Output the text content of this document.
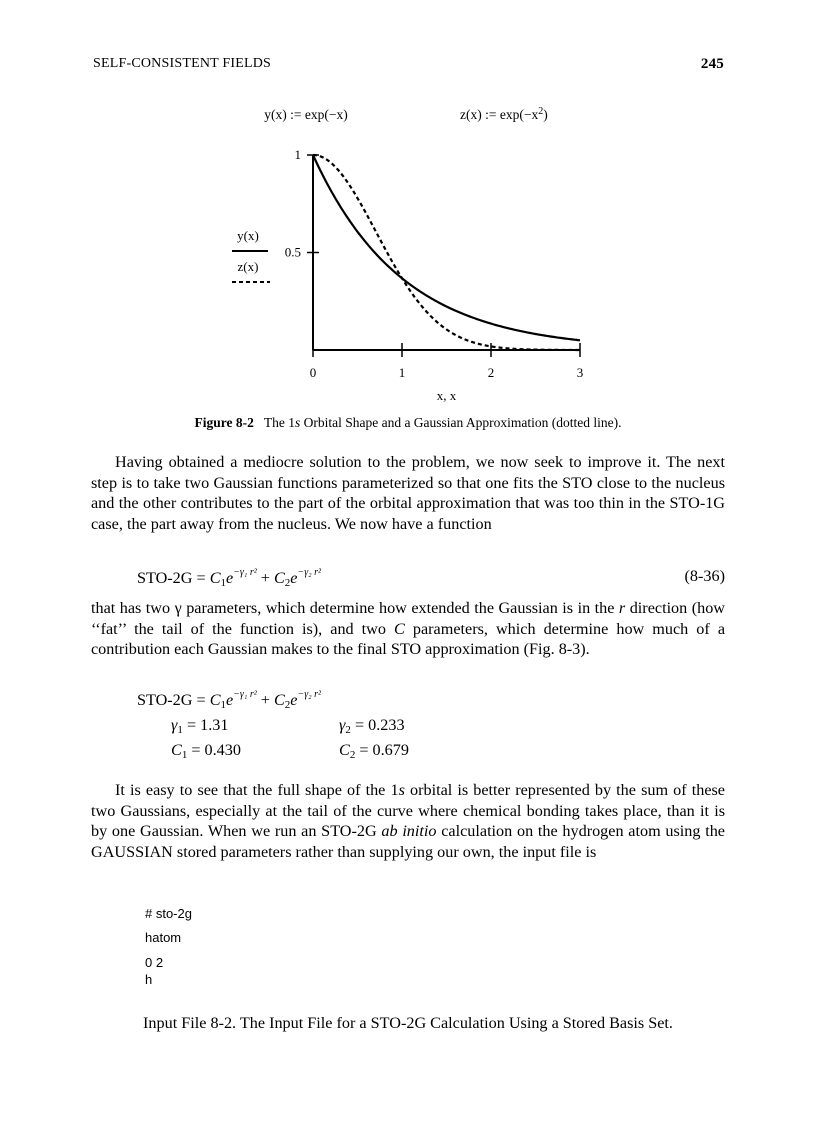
SELF-CONSISTENT FIELDS	245
y(x) := exp(−x)	z(x) := $\exp(-x^2)$
0.5
1
0	1	2	3
x, x
y(x)
z(x)
Figure 8-2 The 1s Orbital Shape and a Gaussian Approximation (dotted line).

Having obtained a mediocre solution to the problem, we now seek to improve it. The next step is to take two Gaussian functions parameterized so that one fits the STO close to the nucleus and the other contributes to the part of the orbital approximation that was too thin in the STO-1G case, the part away from the nucleus. We now have a function

$STO-2G = C_1e^{-\gamma_1 r^2} + C_2e^{-\gamma_2 r^2}$	(8-36)

that has two γ parameters, which determine how extended the Gaussian is in the r direction (how ‘‘fat’’ the tail of the function is), and two C parameters, which determine how much of a contribution each Gaussian makes to the final STO approximation (Fig. 8-3).

$STO-2G = C_1e^{-\gamma_1 r^2} + C_2e^{-\gamma_2 r^2}$
$\gamma_1 = 1.31$	$\gamma_2 = 0.233$
$C_1 = 0.430$	$C_2 = 0.679$

It is easy to see that the full shape of the 1s orbital is better represented by the sum of these two Gaussians, especially at the tail of the curve where chemical bonding takes place, than it is by one Gaussian. When we run an STO-2G ab initio calculation on the hydrogen atom using the GAUSSIAN stored parameters rather than supplying our own, the input file is

# sto-2g
hatom
0 2
h
Input File 8-2. The Input File for a STO-2G Calculation Using a Stored Basis Set.
